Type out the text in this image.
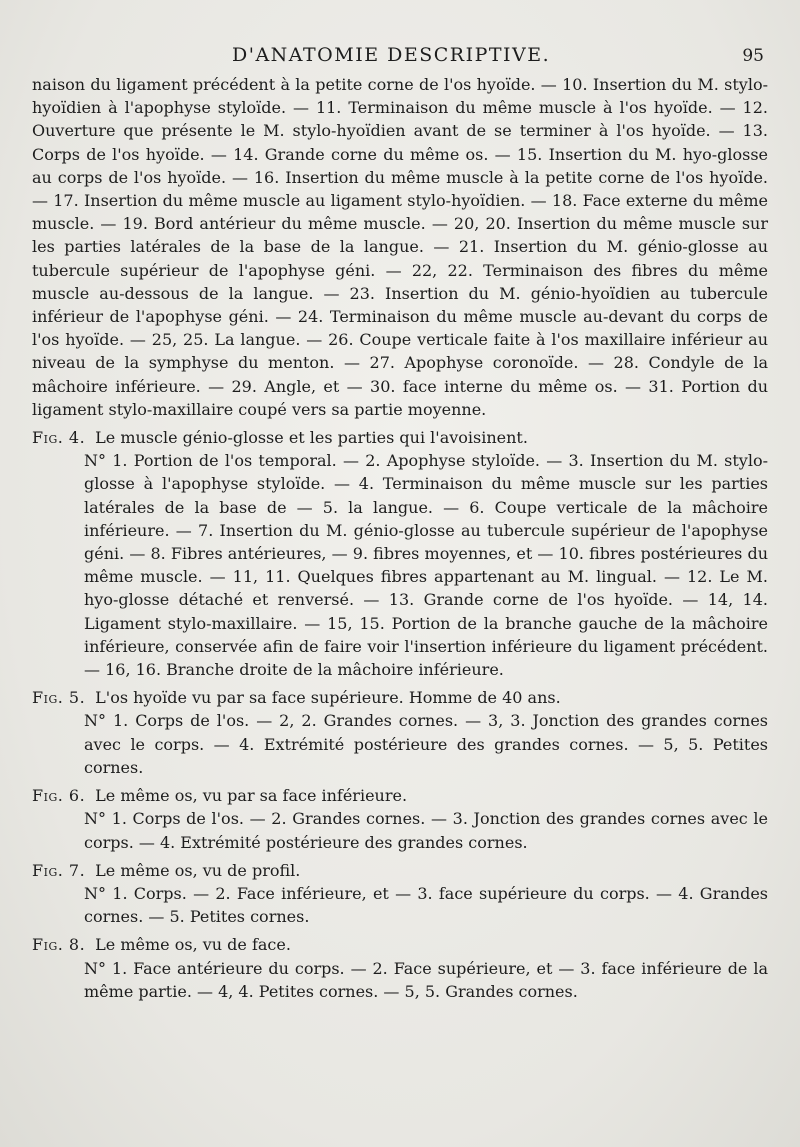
D'ANATOMIE DESCRIPTIVE.	95

naison du ligament précédent à la petite corne de l'os hyoïde. — 10. Insertion du M. stylo-hyoïdien à l'apophyse styloïde. — 11. Terminaison du même muscle à l'os hyoïde. — 12. Ouverture que présente le M. stylo-hyoïdien avant de se terminer à l'os hyoïde. — 13. Corps de l'os hyoïde. — 14. Grande corne du même os. — 15. Insertion du M. hyo-glosse au corps de l'os hyoïde. — 16. Insertion du même muscle à la petite corne de l'os hyoïde. — 17. Insertion du même muscle au ligament stylo-hyoïdien. — 18. Face externe du même muscle. — 19. Bord antérieur du même muscle. — 20, 20. Insertion du même muscle sur les parties latérales de la base de la langue. — 21. Insertion du M. génio-glosse au tubercule supérieur de l'apophyse géni. — 22, 22. Terminaison des fibres du même muscle au-dessous de la langue. — 23. Insertion du M. génio-hyoïdien au tubercule inférieur de l'apophyse géni. — 24. Terminaison du même muscle au-devant du corps de l'os hyoïde. — 25, 25. La langue. — 26. Coupe verticale faite à l'os maxillaire inférieur au niveau de la symphyse du menton. — 27. Apophyse coronoïde. — 28. Condyle de la mâchoire inférieure. — 29. Angle, et — 30. face interne du même os. — 31. Portion du ligament stylo-maxillaire coupé vers sa partie moyenne.

Fig. 4. Le muscle génio-glosse et les parties qui l'avoisinent.

N° 1. Portion de l'os temporal. — 2. Apophyse styloïde. — 3. Insertion du M. stylo-glosse à l'apophyse styloïde. — 4. Terminaison du même muscle sur les parties latérales de la base de — 5. la langue. — 6. Coupe verticale de la mâchoire inférieure. — 7. Insertion du M. génio-glosse au tubercule supérieur de l'apophyse géni. — 8. Fibres antérieures, — 9. fibres moyennes, et — 10. fibres postérieures du même muscle. — 11, 11. Quelques fibres appartenant au M. lingual. — 12. Le M. hyo-glosse détaché et renversé. — 13. Grande corne de l'os hyoïde. — 14, 14. Ligament stylo-maxillaire. — 15, 15. Portion de la branche gauche de la mâchoire inférieure, conservée afin de faire voir l'insertion inférieure du ligament précédent. — 16, 16. Branche droite de la mâchoire inférieure.

Fig. 5. L'os hyoïde vu par sa face supérieure. Homme de 40 ans.

N° 1. Corps de l'os. — 2, 2. Grandes cornes. — 3, 3. Jonction des grandes cornes avec le corps. — 4. Extrémité postérieure des grandes cornes. — 5, 5. Petites cornes.

Fig. 6. Le même os, vu par sa face inférieure.

N° 1. Corps de l'os. — 2. Grandes cornes. — 3. Jonction des grandes cornes avec le corps. — 4. Extrémité postérieure des grandes cornes.

Fig. 7. Le même os, vu de profil.

N° 1. Corps. — 2. Face inférieure, et — 3. face supérieure du corps. — 4. Grandes cornes. — 5. Petites cornes.

Fig. 8. Le même os, vu de face.

N° 1. Face antérieure du corps. — 2. Face supérieure, et — 3. face inférieure de la même partie. — 4, 4. Petites cornes. — 5, 5. Grandes cornes.
